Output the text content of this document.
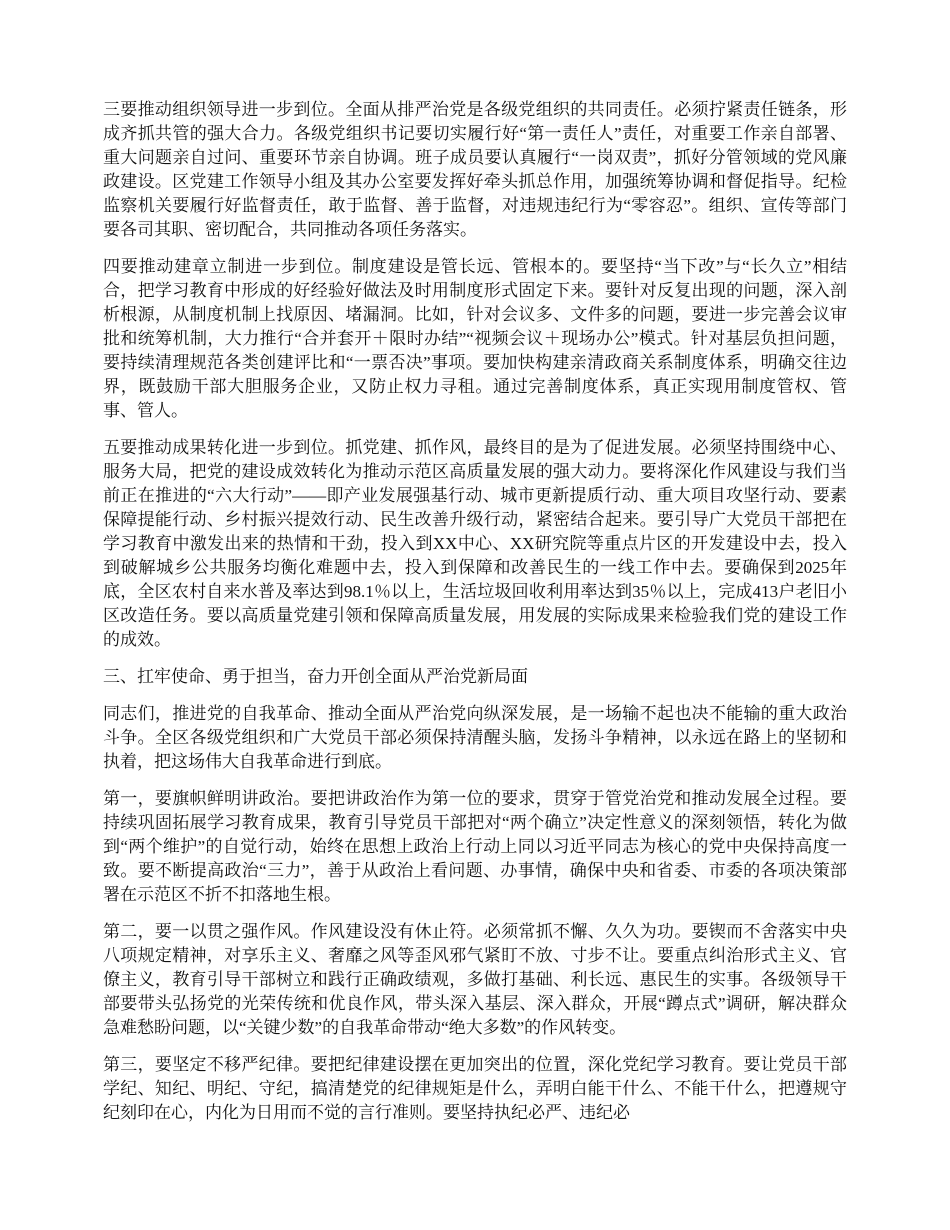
三要推动组织领导进一步到位。全面从排严治党是各级党组织的共同责任。必须拧紧责任链条，形成齐抓共管的强大合力。各级党组织书记要切实履行好“第一责任人”责任，对重要工作亲自部署、重大问题亲自过问、重要环节亲自协调。班子成员要认真履行“一岗双责”，抓好分管领域的党风廉政建设。区党建工作领导小组及其办公室要发挥好牵头抓总作用，加强统筹协调和督促指导。纪检监察机关要履行好监督责任，敢于监督、善于监督，对违规违纪行为“零容忍”。组织、宣传等部门要各司其职、密切配合，共同推动各项任务落实。

四要推动建章立制进一步到位。制度建设是管长远、管根本的。要坚持“当下改”与“长久立”相结合，把学习教育中形成的好经验好做法及时用制度形式固定下来。要针对反复出现的问题，深入剖析根源，从制度机制上找原因、堵漏洞。比如，针对会议多、文件多的问题，要进一步完善会议审批和统筹机制，大力推行“合并套开＋限时办结”“视频会议＋现场办公”模式。针对基层负担问题，要持续清理规范各类创建评比和“一票否决”事项。要加快构建亲清政商关系制度体系，明确交往边界，既鼓励干部大胆服务企业，又防止权力寻租。通过完善制度体系，真正实现用制度管权、管事、管人。

五要推动成果转化进一步到位。抓党建、抓作风，最终目的是为了促进发展。必须坚持围绕中心、服务大局，把党的建设成效转化为推动示范区高质量发展的强大动力。要将深化作风建设与我们当前正在推进的“六大行动”——即产业发展强基行动、城市更新提质行动、重大项目攻坚行动、要素保障提能行动、乡村振兴提效行动、民生改善升级行动，紧密结合起来。要引导广大党员干部把在学习教育中激发出来的热情和干劲，投入到XX中心、XX研究院等重点片区的开发建设中去，投入到破解城乡公共服务均衡化难题中去，投入到保障和改善民生的一线工作中去。要确保到2025年底，全区农村自来水普及率达到98.1％以上，生活垃圾回收利用率达到35％以上，完成413户老旧小区改造任务。要以高质量党建引领和保障高质量发展，用发展的实际成果来检验我们党的建设工作的成效。

三、扛牢使命、勇于担当，奋力开创全面从严治党新局面

同志们，推进党的自我革命、推动全面从严治党向纵深发展，是一场输不起也决不能输的重大政治斗争。全区各级党组织和广大党员干部必须保持清醒头脑，发扬斗争精神，以永远在路上的坚韧和执着，把这场伟大自我革命进行到底。

第一，要旗帜鲜明讲政治。要把讲政治作为第一位的要求，贯穿于管党治党和推动发展全过程。要持续巩固拓展学习教育成果，教育引导党员干部把对“两个确立”决定性意义的深刻领悟，转化为做到“两个维护”的自觉行动，始终在思想上政治上行动上同以习近平同志为核心的党中央保持高度一致。要不断提高政治“三力”，善于从政治上看问题、办事情，确保中央和省委、市委的各项决策部署在示范区不折不扣落地生根。

第二，要一以贯之强作风。作风建设没有休止符。必须常抓不懈、久久为功。要锲而不舍落实中央八项规定精神，对享乐主义、奢靡之风等歪风邪气紧盯不放、寸步不让。要重点纠治形式主义、官僚主义，教育引导干部树立和践行正确政绩观，多做打基础、利长远、惠民生的实事。各级领导干部要带头弘扬党的光荣传统和优良作风，带头深入基层、深入群众，开展“蹲点式”调研，解决群众急难愁盼问题，以“关键少数”的自我革命带动“绝大多数”的作风转变。

第三，要坚定不移严纪律。要把纪律建设摆在更加突出的位置，深化党纪学习教育。要让党员干部学纪、知纪、明纪、守纪，搞清楚党的纪律规矩是什么，弄明白能干什么、不能干什么，把遵规守纪刻印在心，内化为日用而不觉的言行准则。要坚持执纪必严、违纪必
